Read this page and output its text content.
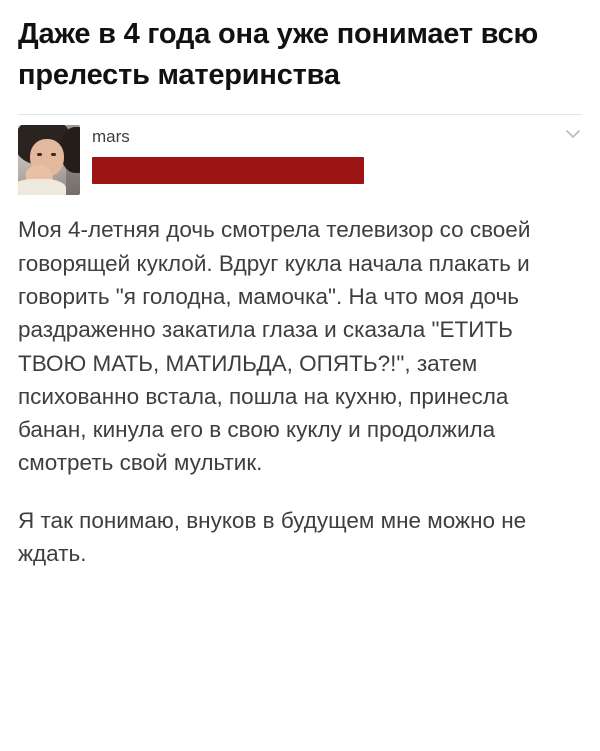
Даже в 4 года она уже понимает всю прелесть материнства
mars

Моя 4-летняя дочь смотрела телевизор со своей говорящей куклой. Вдруг кукла начала плакать и говорить "я голодна, мамочка". На что моя дочь раздраженно закатила глаза и сказала "ЕТИТЬ ТВОЮ МАТЬ, МАТИЛЬДА, ОПЯТЬ?!", затем психованно встала, пошла на кухню, принесла банан, кинула его в свою куклу и продолжила смотреть свой мультик.

Я так понимаю, внуков в будущем мне можно не ждать.
